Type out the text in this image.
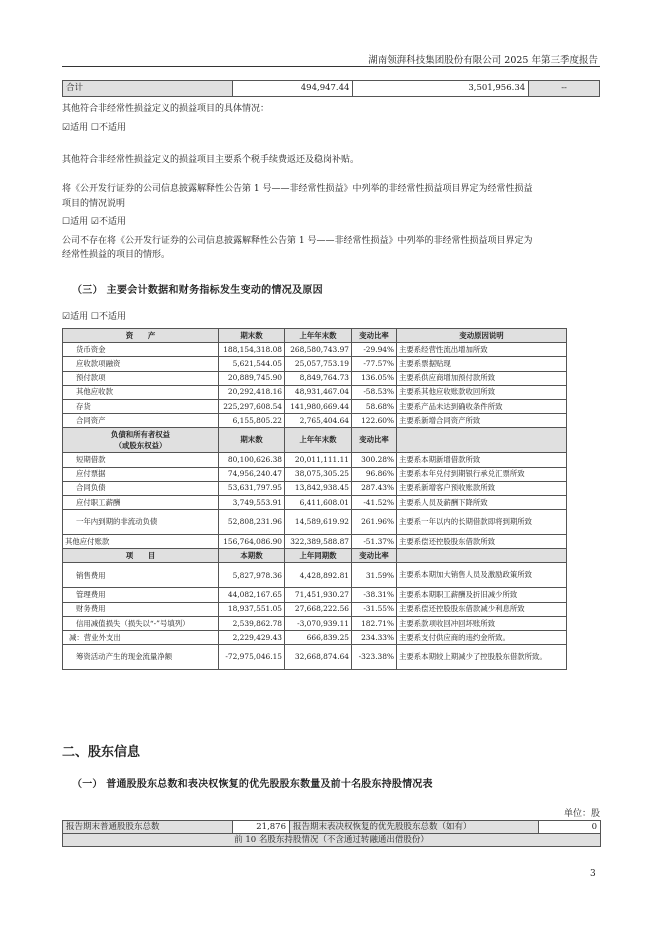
湖南领湃科技集团股份有限公司 2025 年第三季度报告
合计	494,947.44	3,501,956.34	--
其他符合非经常性损益定义的损益项目的具体情况：
☑适用 ☐不适用
其他符合非经常性损益定义的损益项目主要系个税手续费返还及稳岗补贴。
将《公开发行证券的公司信息披露解释性公告第 1 号——非经常性损益》中列举的非经常性损益项目界定为经常性损益
项目的情况说明
☐适用 ☑不适用
公司不存在将《公开发行证券的公司信息披露解释性公告第 1 号——非经常性损益》中列举的非经常性损益项目界定为
经常性损益的项目的情形。
（三） 主要会计数据和财务指标发生变动的情况及原因
☑适用 ☐不适用
资　　产	期末数	上年年末数	变动比率	变动原因说明
货币资金	188,154,318.08	268,580,743.97	-29.94%	主要系经营性流出增加所致
应收款项融资	5,621,544.05	25,057,753.19	-77.57%	主要系票据贴现
预付款项	20,889,745.90	8,849,764.73	136.05%	主要系供应商增加预付款所致
其他应收款	20,292,418.16	48,931,467.04	-58.53%	主要系其他应收账款收回所致
存货	225,297,608.54	141,980,669.44	58.68%	主要系产品未达到确收条件所致
合同资产	6,155,805.22	2,765,404.64	122.60%	主要系新增合同资产所致

负债和所有者权益
（或股东权益）	期末数	上年年末数	变动比率	
短期借款	80,100,626.38	20,011,111.11	300.28%	主要系本期新增借款所致
应付票据	74,956,240.47	38,075,305.25	96.86%	主要系本年兑付到期银行承兑汇票所致
合同负债	53,631,797.95	13,842,938.45	287.43%	主要系新增客户预收账款所致
应付职工薪酬	3,749,553.91	6,411,608.01	-41.52%	主要系人员及薪酬下降所致
一年内到期的非流动负债	52,808,231.96	14,589,619.92	261.96%	主要系一年以内的长期借款即将到期所致
其他应付账款	156,764,086.90	322,389,588.87	-51.37%	主要系偿还控股股东借款所致
项　　目	本期数	上年同期数	变动比率	
销售费用	5,827,978.36	4,428,892.81	31.59%	主要系本期加大销售人员及激励政策所致
管理费用	44,082,167.65	71,451,930.27	-38.31%	主要系本期职工薪酬及折旧减少所致
财务费用	18,937,551.05	27,668,222.56	-31.55%	主要系偿还控股股东借款减少利息所致
信用减值损失（损失以“-”号填列）	2,539,862.78	-3,070,939.11	182.71%	主要系款项收回冲回坏账所致
减：营业外支出	2,229,429.43	666,839.25	234.33%	主要系支付供应商的违约金所致。
筹资活动产生的现金流量净额	-72,975,046.15	32,668,874.64	-323.38%	主要系本期较上期减少了控股股东借款所致。
二、股东信息
（一） 普通股股东总数和表决权恢复的优先股股东数量及前十名股东持股情况表
单位：股
报告期末普通股股东总数	21,876	报告期末表决权恢复的优先股股东总数（如有）	0
前 10 名股东持股情况（不含通过转融通出借股份）
3
